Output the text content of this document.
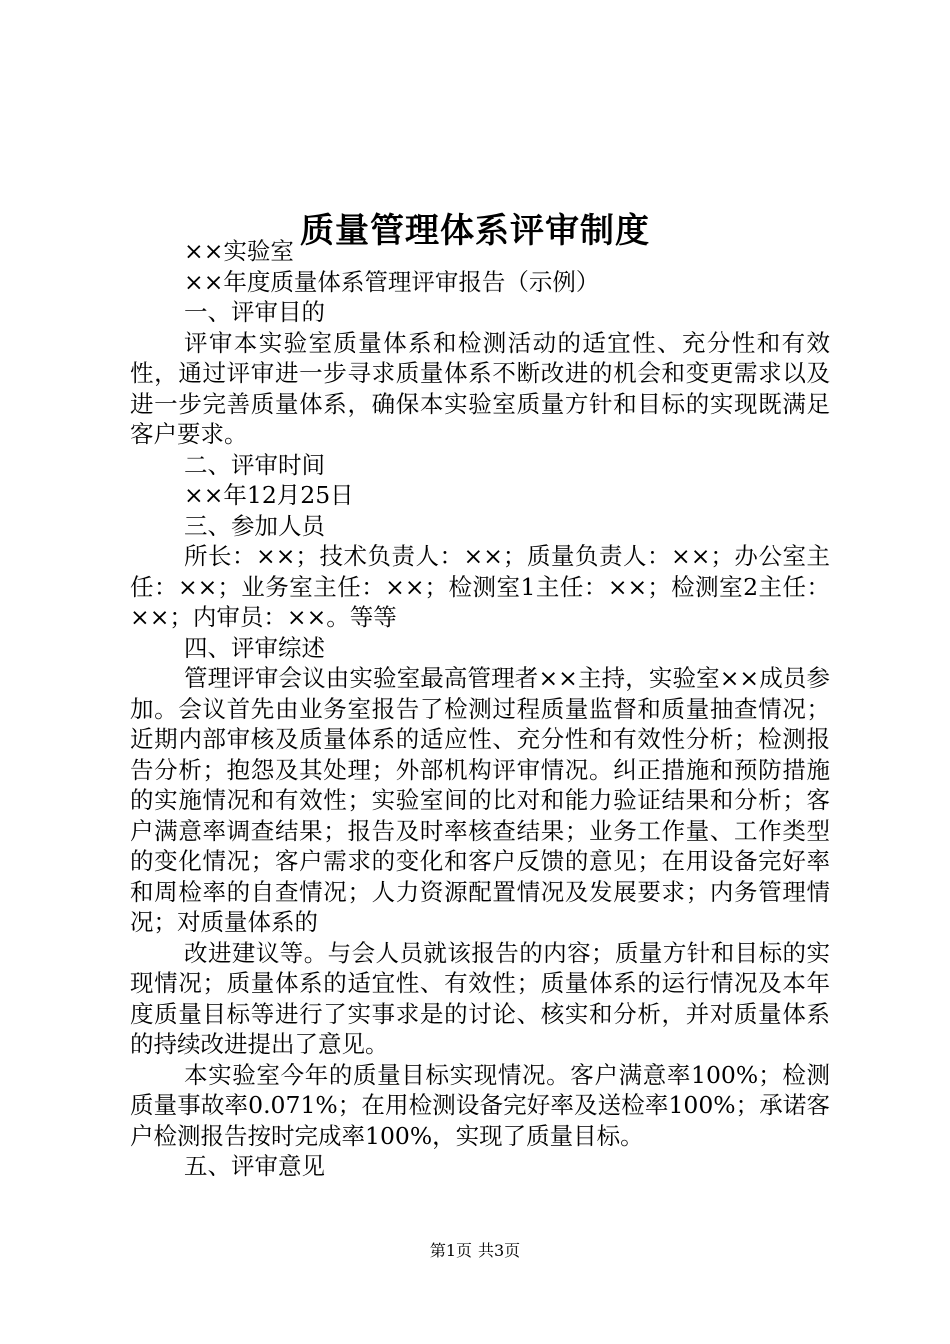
质量管理体系评审制度

××实验室

××年度质量体系管理评审报告（示例）

一、评审目的

评审本实验室质量体系和检测活动的适宜性、充分性和有效性，通过评审进一步寻求质量体系不断改进的机会和变更需求以及进一步完善质量体系，确保本实验室质量方针和目标的实现既满足客户要求。

二、评审时间

××年12月25日

三、参加人员

所长：××；技术负责人：××；质量负责人：××；办公室主任：××；业务室主任：××；检测室1主任：××；检测室2主任：××；内审员：××。等等

四、评审综述

管理评审会议由实验室最高管理者××主持，实验室××成员参加。会议首先由业务室报告了检测过程质量监督和质量抽查情况；近期内部审核及质量体系的适应性、充分性和有效性分析；检测报告分析；抱怨及其处理；外部机构评审情况。纠正措施和预防措施的实施情况和有效性；实验室间的比对和能力验证结果和分析；客户满意率调查结果；报告及时率核查结果；业务工作量、工作类型的变化情况；客户需求的变化和客户反馈的意见；在用设备完好率和周检率的自查情况；人力资源配置情况及发展要求；内务管理情况；对质量体系的

改进建议等。与会人员就该报告的内容；质量方针和目标的实现情况；质量体系的适宜性、有效性；质量体系的运行情况及本年度质量目标等进行了实事求是的讨论、核实和分析，并对质量体系的持续改进提出了意见。

本实验室今年的质量目标实现情况。客户满意率100%；检测质量事故率0.071%；在用检测设备完好率及送检率100%；承诺客户检测报告按时完成率100%，实现了质量目标。

五、评审意见

第1页 共3页
